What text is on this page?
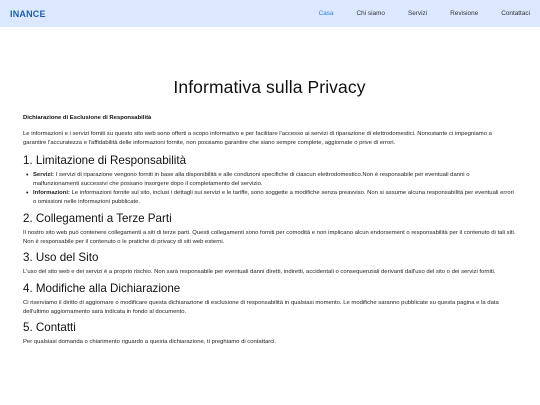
INANCE	Casa	Chi siamo	Servizi	Revisione	Contattaci
Informativa sulla Privacy
Dichiarazione di Esclusione di Responsabilità

Le informazioni e i servizi forniti su questo sito web sono offerti a scopo informativo e per facilitare l'accesso ai servizi di riparazione di elettrodomestici. Nonostante ci impegniamo a garantire l'accuratezza e l'affidabilità delle informazioni fornite, non possiamo garantire che siano sempre complete, aggiornate o prive di errori.

1. Limitazione di Responsabilità
• Servizi: I servizi di riparazione vengono forniti in base alla disponibilità e alle condizioni specifiche di ciascun elettrodomestico.Non è responsabile per eventuali danni o malfunzionamenti successivi che possano insorgere dopo il completamento del servizio.
• Informazioni: Le informazioni fornite sul sito, inclusi i dettagli sui servizi e le tariffe, sono soggette a modifiche senza preavviso. Non si assume alcuna responsabilità per eventuali errori o omissioni nelle informazioni pubblicate.
2. Collegamenti a Terze Parti

Il nostro sito web può contenere collegamenti a siti di terze parti. Questi collegamenti sono forniti per comodità e non implicano alcun endorsement o responsabilità per il contenuto di tali siti. Non è responsabile per il contenuto o le pratiche di privacy di siti web esterni.

3. Uso del Sito

L'uso del sito web e dei servizi è a proprio rischio. Non sarà responsabile per eventuali danni diretti, indiretti, accidentali o consequenziali derivanti dall'uso del sito o dei servizi forniti.

4. Modifiche alla Dichiarazione

Ci riserviamo il diritto di aggiornare o modificare questa dichiarazione di esclusione di responsabilità in qualsiasi momento. Le modifiche saranno pubblicate su questa pagina e la data dell'ultimo aggiornamento sarà indicata in fondo al documento.

5. Contatti

Per qualsiasi domanda o chiarimento riguardo a questa dichiarazione, ti preghiamo di contattarci.
